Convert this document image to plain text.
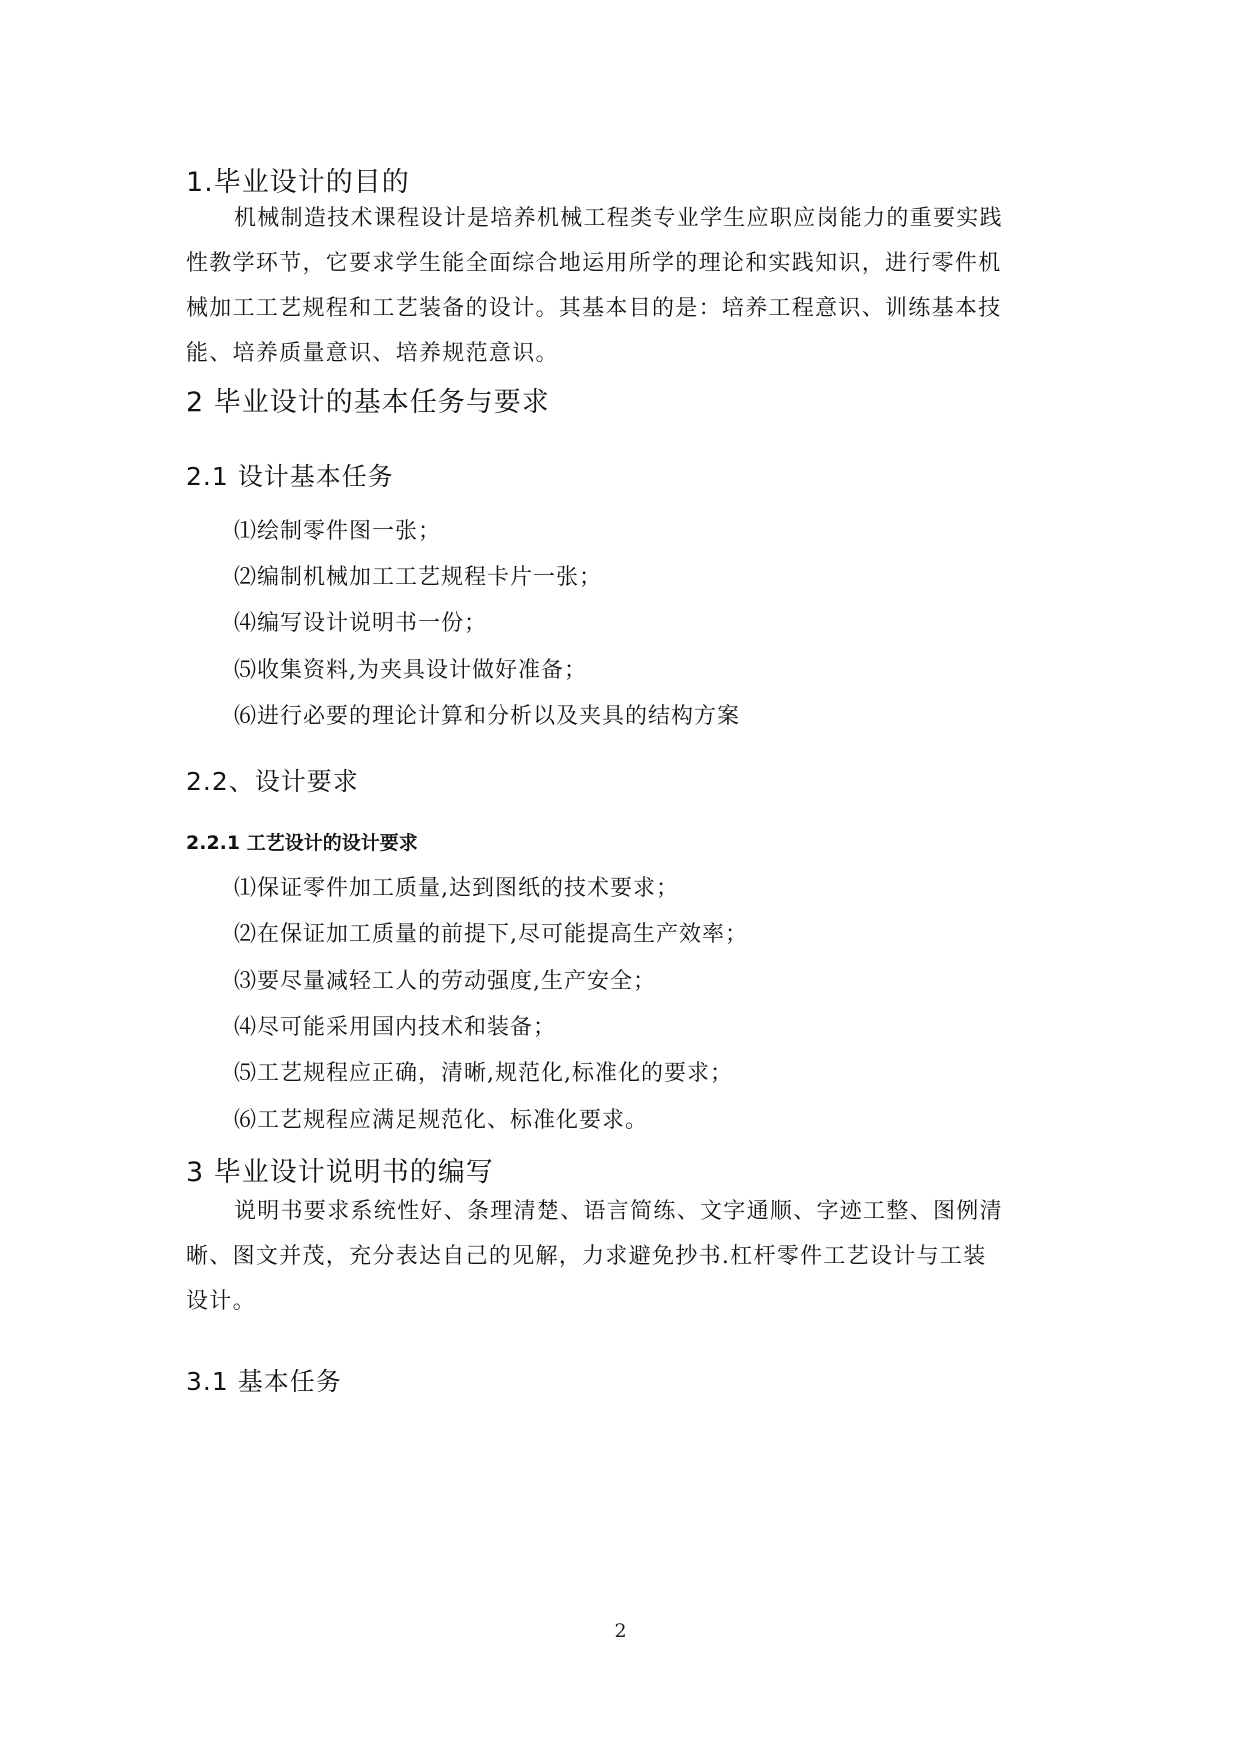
1.毕业设计的目的
机械制造技术课程设计是培养机械工程类专业学生应职应岗能力的重要实践
性教学环节，它要求学生能全面综合地运用所学的理论和实践知识，进行零件机
械加工工艺规程和工艺装备的设计。其基本目的是：培养工程意识、训练基本技
能、培养质量意识、培养规范意识。
2 毕业设计的基本任务与要求
2.1 设计基本任务
⑴绘制零件图一张；
⑵编制机械加工工艺规程卡片一张；
⑷编写设计说明书一份；
⑸收集资料,为夹具设计做好准备；
⑹进行必要的理论计算和分析以及夹具的结构方案
2.2、设计要求
2.2.1 工艺设计的设计要求
⑴保证零件加工质量,达到图纸的技术要求；
⑵在保证加工质量的前提下,尽可能提高生产效率；
⑶要尽量减轻工人的劳动强度,生产安全；
⑷尽可能采用国内技术和装备；
⑸工艺规程应正确，清晰,规范化,标准化的要求；
⑹工艺规程应满足规范化、标准化要求。
3 毕业设计说明书的编写
说明书要求系统性好、条理清楚、语言简练、文字通顺、字迹工整、图例清
晰、图文并茂，充分表达自己的见解，力求避免抄书.杠杆零件工艺设计与工装
设计。
3.1 基本任务
2
